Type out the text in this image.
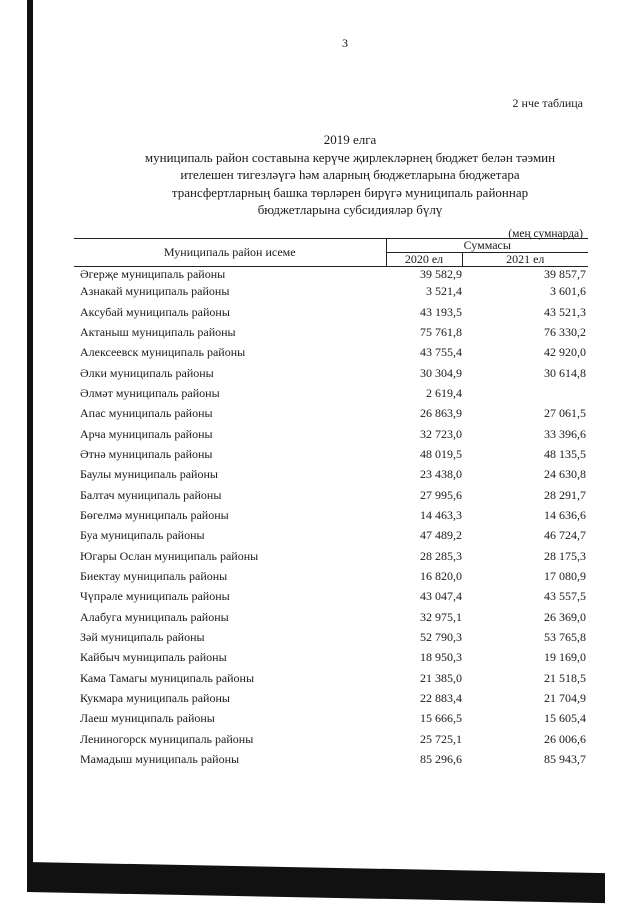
3
2 нче таблица
2019 елга
муниципаль район составына керүче җирлекләрнең бюджет белән тәэмин
ителешен тигезләүгә һәм аларның бюджетларына бюджетара
трансфертларның башка төрләрен бирүгә муниципаль районнар
бюджетларына субсидияләр бүлү
(мең сумнарда)
Муниципаль район исеме	Суммасы	
	2020 ел	2021 ел
Әгерҗе муниципаль районы	39 582,9	39 857,7
Азнакай муниципаль районы	3 521,4	3 601,6
Аксубай муниципаль районы	43 193,5	43 521,3
Актаныш муниципаль районы	75 761,8	76 330,2
Алексеевск муниципаль районы	43 755,4	42 920,0
Әлки муниципаль районы	30 304,9	30 614,8
Әлмәт муниципаль районы	2 619,4	
Апас муниципаль районы	26 863,9	27 061,5
Арча муниципаль районы	32 723,0	33 396,6
Әтнә муниципаль районы	48 019,5	48 135,5
Баулы муниципаль районы	23 438,0	24 630,8
Балтач муниципаль районы	27 995,6	28 291,7
Бөгелмә муниципаль районы	14 463,3	14 636,6
Буа муниципаль районы	47 489,2	46 724,7
Югары Ослан муниципаль районы	28 285,3	28 175,3
Биектау муниципаль районы	16 820,0	17 080,9
Чүпрәле муниципаль районы	43 047,4	43 557,5
Алабуга муниципаль районы	32 975,1	26 369,0
Зәй муниципаль районы	52 790,3	53 765,8
Кайбыч муниципаль районы	18 950,3	19 169,0
Кама Тамагы муниципаль районы	21 385,0	21 518,5
Кукмара муниципаль районы	22 883,4	21 704,9
Лаеш муниципаль районы	15 666,5	15 605,4
Лениногорск муниципаль районы	25 725,1	26 006,6
Мамадыш муниципаль районы	85 296,6	85 943,7
